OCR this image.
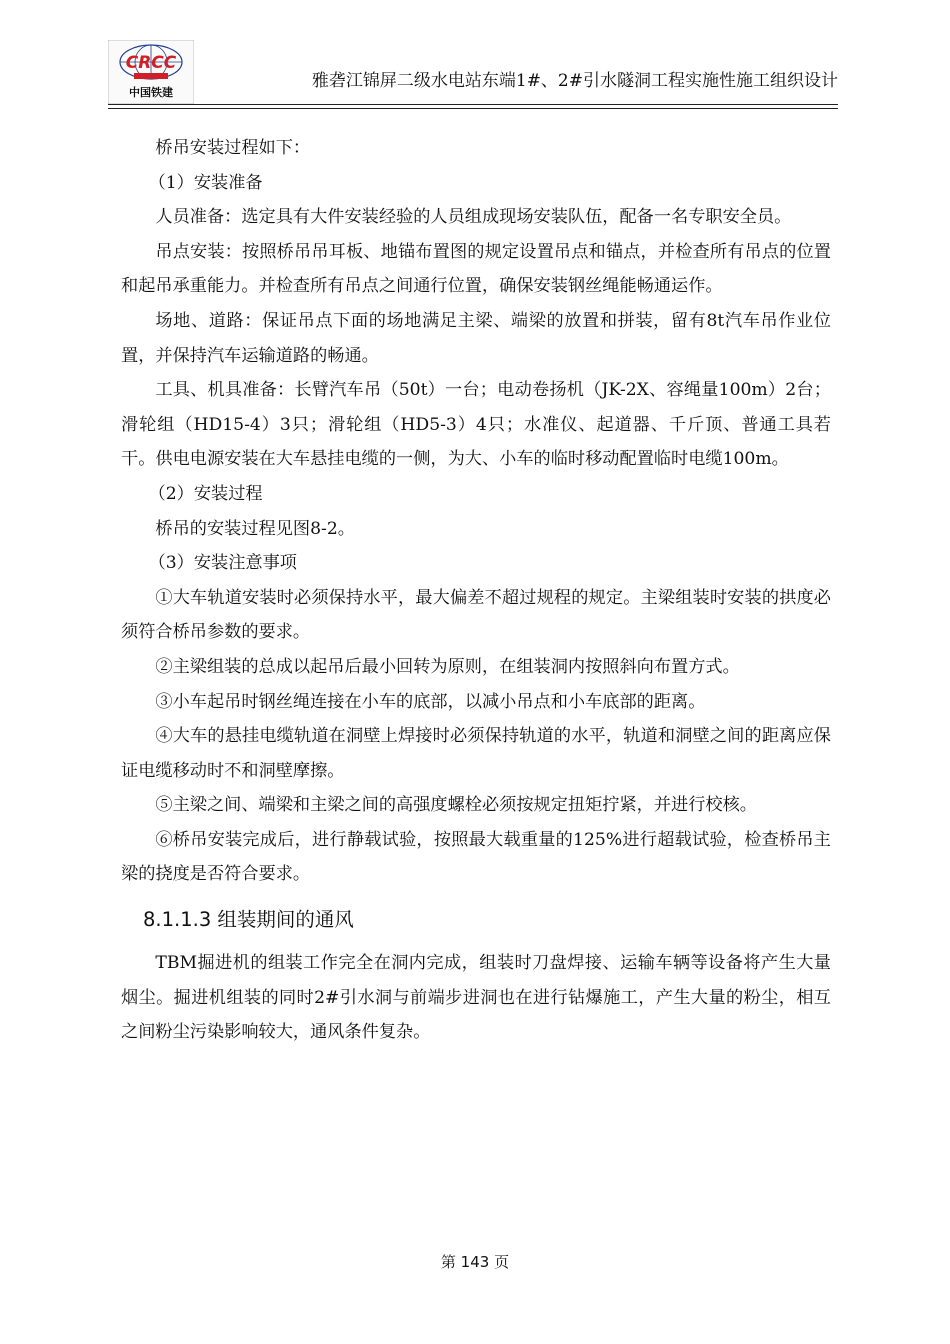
CRCC
中国铁建
雅砻江锦屏二级水电站东端1#、2#引水隧洞工程实施性施工组织设计

桥吊安装过程如下：

（1）安装准备

人员准备：选定具有大件安装经验的人员组成现场安装队伍，配备一名专职安全员。

吊点安装：按照桥吊吊耳板、地锚布置图的规定设置吊点和锚点，并检查所有吊点的位置和起吊承重能力。并检查所有吊点之间通行位置，确保安装钢丝绳能畅通运作。

场地、道路：保证吊点下面的场地满足主梁、端梁的放置和拼装，留有8t汽车吊作业位置，并保持汽车运输道路的畅通。

工具、机具准备：长臂汽车吊（50t）一台；电动卷扬机（JK-2X、容绳量100m）2台；滑轮组（HD15-4）3只；滑轮组（HD5-3）4只；水准仪、起道器、千斤顶、普通工具若干。供电电源安装在大车悬挂电缆的一侧，为大、小车的临时移动配置临时电缆100m。

（2）安装过程

桥吊的安装过程见图8-2。

（3）安装注意事项

①大车轨道安装时必须保持水平，最大偏差不超过规程的规定。主梁组装时安装的拱度必须符合桥吊参数的要求。

②主梁组装的总成以起吊后最小回转为原则，在组装洞内按照斜向布置方式。

③小车起吊时钢丝绳连接在小车的底部，以减小吊点和小车底部的距离。

④大车的悬挂电缆轨道在洞壁上焊接时必须保持轨道的水平，轨道和洞壁之间的距离应保证电缆移动时不和洞壁摩擦。

⑤主梁之间、端梁和主梁之间的高强度螺栓必须按规定扭矩拧紧，并进行校核。

⑥桥吊安装完成后，进行静载试验，按照最大载重量的125%进行超载试验，检查桥吊主梁的挠度是否符合要求。

8.1.1.3 组装期间的通风

TBM掘进机的组装工作完全在洞内完成，组装时刀盘焊接、运输车辆等设备将产生大量烟尘。掘进机组装的同时2#引水洞与前端步进洞也在进行钻爆施工，产生大量的粉尘，相互之间粉尘污染影响较大，通风条件复杂。

第 143 页
